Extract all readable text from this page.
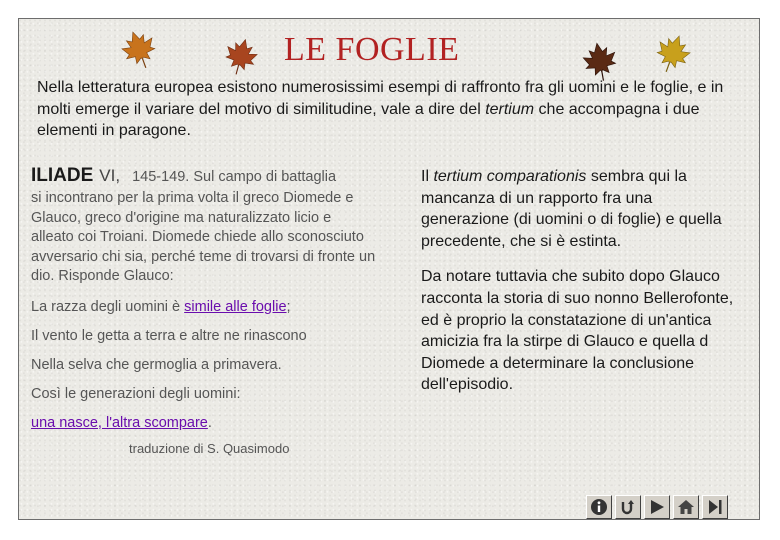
LE FOGLIE
Nella letteratura europea esistono numerosissimi esempi di raffronto fra gli uomini e le foglie, e in molti emerge il variare del motivo di similitudine, vale a dire del tertium che accompagna i due elementi in paragone.
ILIADE VI, 145-149. Sul campo di battaglia
si incontrano per la prima volta il greco Diomede e Glauco, greco d'origine ma naturalizzato licio e alleato coi Troiani. Diomede chiede allo sconosciuto avversario chi sia, perché teme di trovarsi di fronte un dio. Risponde Glauco:
La razza degli uomini è simile alle foglie;
Il vento le getta a terra e altre ne rinascono
Nella selva che germoglia a primavera.
Così le generazioni degli uomini:
una nasce, l'altra scompare.
traduzione di S. Quasimodo
Il tertium comparationis sembra qui la mancanza di un rapporto fra una generazione (di uomini o di foglie) e quella precedente, che si è estinta.
Da notare tuttavia che subito dopo Glauco racconta la storia di suo nonno Bellerofonte, ed è proprio la constatazione di un'antica amicizia fra la stirpe di Glauco e quella d Diomede a determinare la conclusione dell'episodio.
